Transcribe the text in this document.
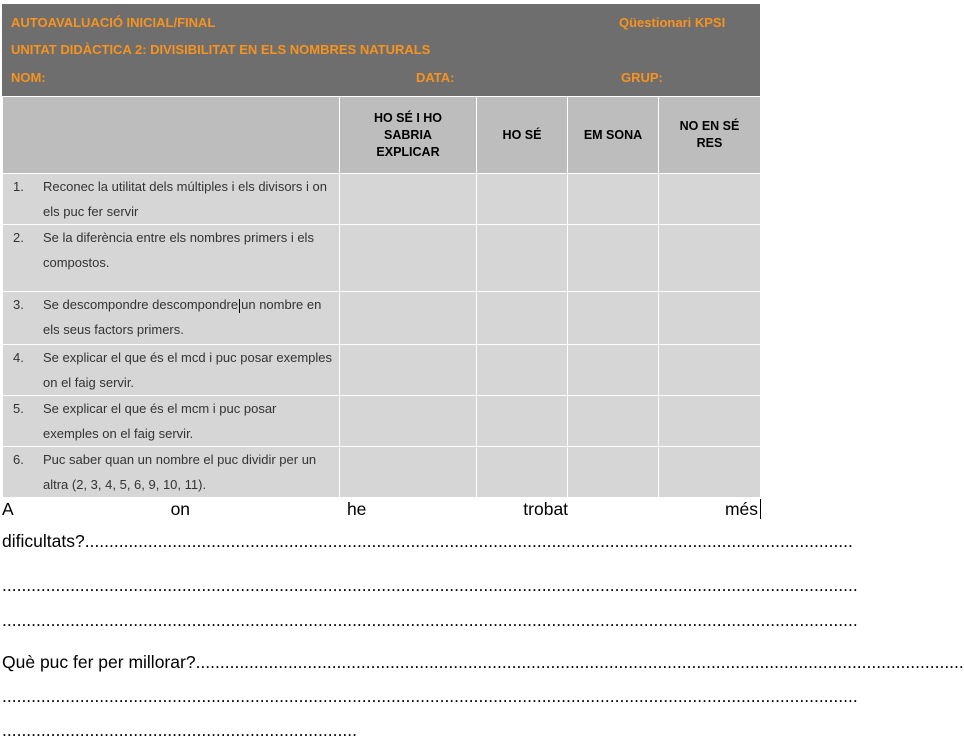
AUTOAVALUACIÓ INICIAL/FINAL	Qüestionari KPSI
UNITAT DIDÀCTICA 2: DIVISIBILITAT EN ELS NOMBRES NATURALS
NOM:	DATA:	GRUP:
	HO SÉ I HO SABRIA EXPLICAR	HO SÉ	EM SONA	NO EN SÉ RES

1. Reconec la utilitat dels múltiples i els divisors i on els puc fer servir				

2. Se la diferència entre els nombres primers i els compostos.				

3. Se descompondre descompondre un nombre en els seus factors primers.				

4. Se explicar el que és el mcd i puc posar exemples on el faig servir.				

5. Se explicar el que és el mcm i puc posar exemples on el faig servir.				

6. Puc saber quan un nombre el puc dividir per un altra (2, 3, 4, 5, 6, 9, 10, 11).				

A	on	he	trobat	més
dificultats?..............................................................................................................................................................
................................................................................................................................................................................
................................................................................................................................................................................
Què puc fer per millorar?..............................................................................................................................................................
................................................................................................................................................................................
.........................................................................
